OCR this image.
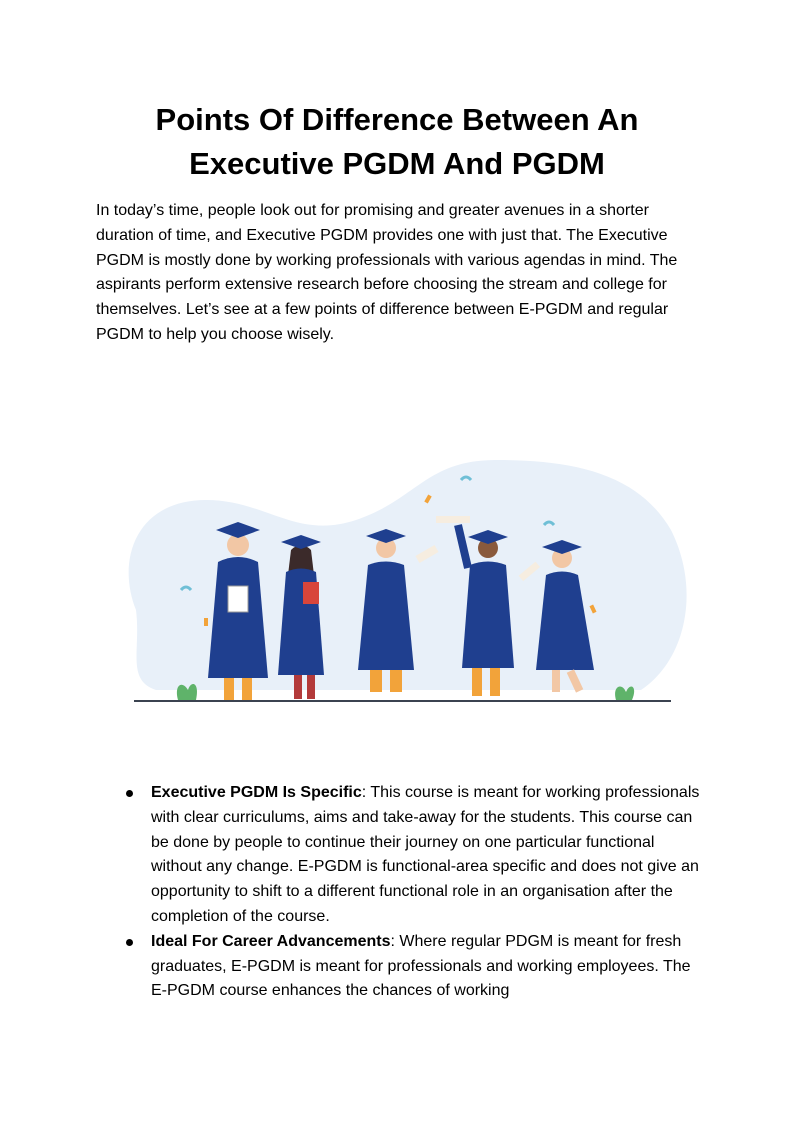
Points Of Difference Between An
Executive PGDM And PGDM

In today’s time, people look out for promising and greater avenues in a shorter duration of time, and Executive PGDM provides one with just that. The Executive PGDM is mostly done by working professionals with various agendas in mind. The aspirants perform extensive research before choosing the stream and college for themselves. Let’s see at a few points of difference between E-PGDM and regular PGDM to help you choose wisely.

Executive PGDM Is Specific: This course is meant for working professionals with clear curriculums, aims and take-away for the students. This course can be done by people to continue their journey on one particular functional without any change. E-PGDM is functional-area specific and does not give an opportunity to shift to a different functional role in an organisation after the completion of the course.
Ideal For Career Advancements: Where regular PDGM is meant for fresh graduates, E-PGDM is meant for professionals and working employees. The E-PGDM course enhances the chances of working
